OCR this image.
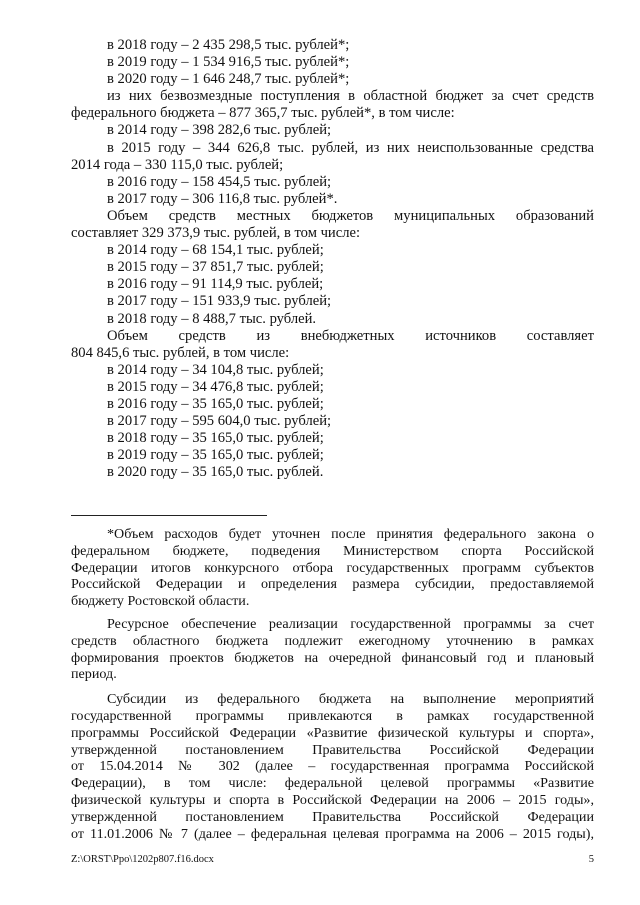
в 2018 году – 2 435 298,5 тыс. рублей*;
в 2019 году – 1 534 916,5 тыс. рублей*;
в 2020 году – 1 646 248,7 тыс. рублей*;
из них безвозмездные поступления в областной бюджет за счет средств
федерального бюджета – 877 365,7 тыс. рублей*, в том числе:
в 2014 году – 398 282,6 тыс. рублей;
в 2015 году – 344 626,8 тыс. рублей, из них неиспользованные средства
2014 года – 330 115,0 тыс. рублей;
в 2016 году – 158 454,5 тыс. рублей;
в 2017 году – 306 116,8 тыс. рублей*.
Объем средств местных бюджетов муниципальных образований
составляет 329 373,9 тыс. рублей, в том числе:
в 2014 году – 68 154,1 тыс. рублей;
в 2015 году – 37 851,7 тыс. рублей;
в 2016 году – 91 114,9 тыс. рублей;
в 2017 году – 151 933,9 тыс. рублей;
в 2018 году – 8 488,7 тыс. рублей.
Объем средств из внебюджетных источников составляет
804 845,6 тыс. рублей, в том числе:
в 2014 году – 34 104,8 тыс. рублей;
в 2015 году – 34 476,8 тыс. рублей;
в 2016 году – 35 165,0 тыс. рублей;
в 2017 году – 595 604,0 тыс. рублей;
в 2018 году – 35 165,0 тыс. рублей;
в 2019 году – 35 165,0 тыс. рублей;
в 2020 году – 35 165,0 тыс. рублей.
*Объем расходов будет уточнен после принятия федерального закона о
федеральном бюджете, подведения Министерством спорта Российской
Федерации итогов конкурсного отбора государственных программ субъектов
Российской Федерации и определения размера субсидии, предоставляемой
бюджету Ростовской области.
Ресурсное обеспечение реализации государственной программы за счет
средств областного бюджета подлежит ежегодному уточнению в рамках
формирования проектов бюджетов на очередной финансовый год и плановый
период.
Субсидии из федерального бюджета на выполнение мероприятий
государственной программы привлекаются в рамках государственной
программы Российской Федерации «Развитие физической культуры и спорта»,
утвержденной постановлением Правительства Российской Федерации
от 15.04.2014 № 302 (далее – государственная программа Российской
Федерации), в том числе: федеральной целевой программы «Развитие
физической культуры и спорта в Российской Федерации на 2006 – 2015 годы»,
утвержденной постановлением Правительства Российской Федерации
от 11.01.2006 № 7 (далее – федеральная целевая программа на 2006 – 2015 годы),
Z:\ORST\Ppo\1202p807.f16.docx	5
